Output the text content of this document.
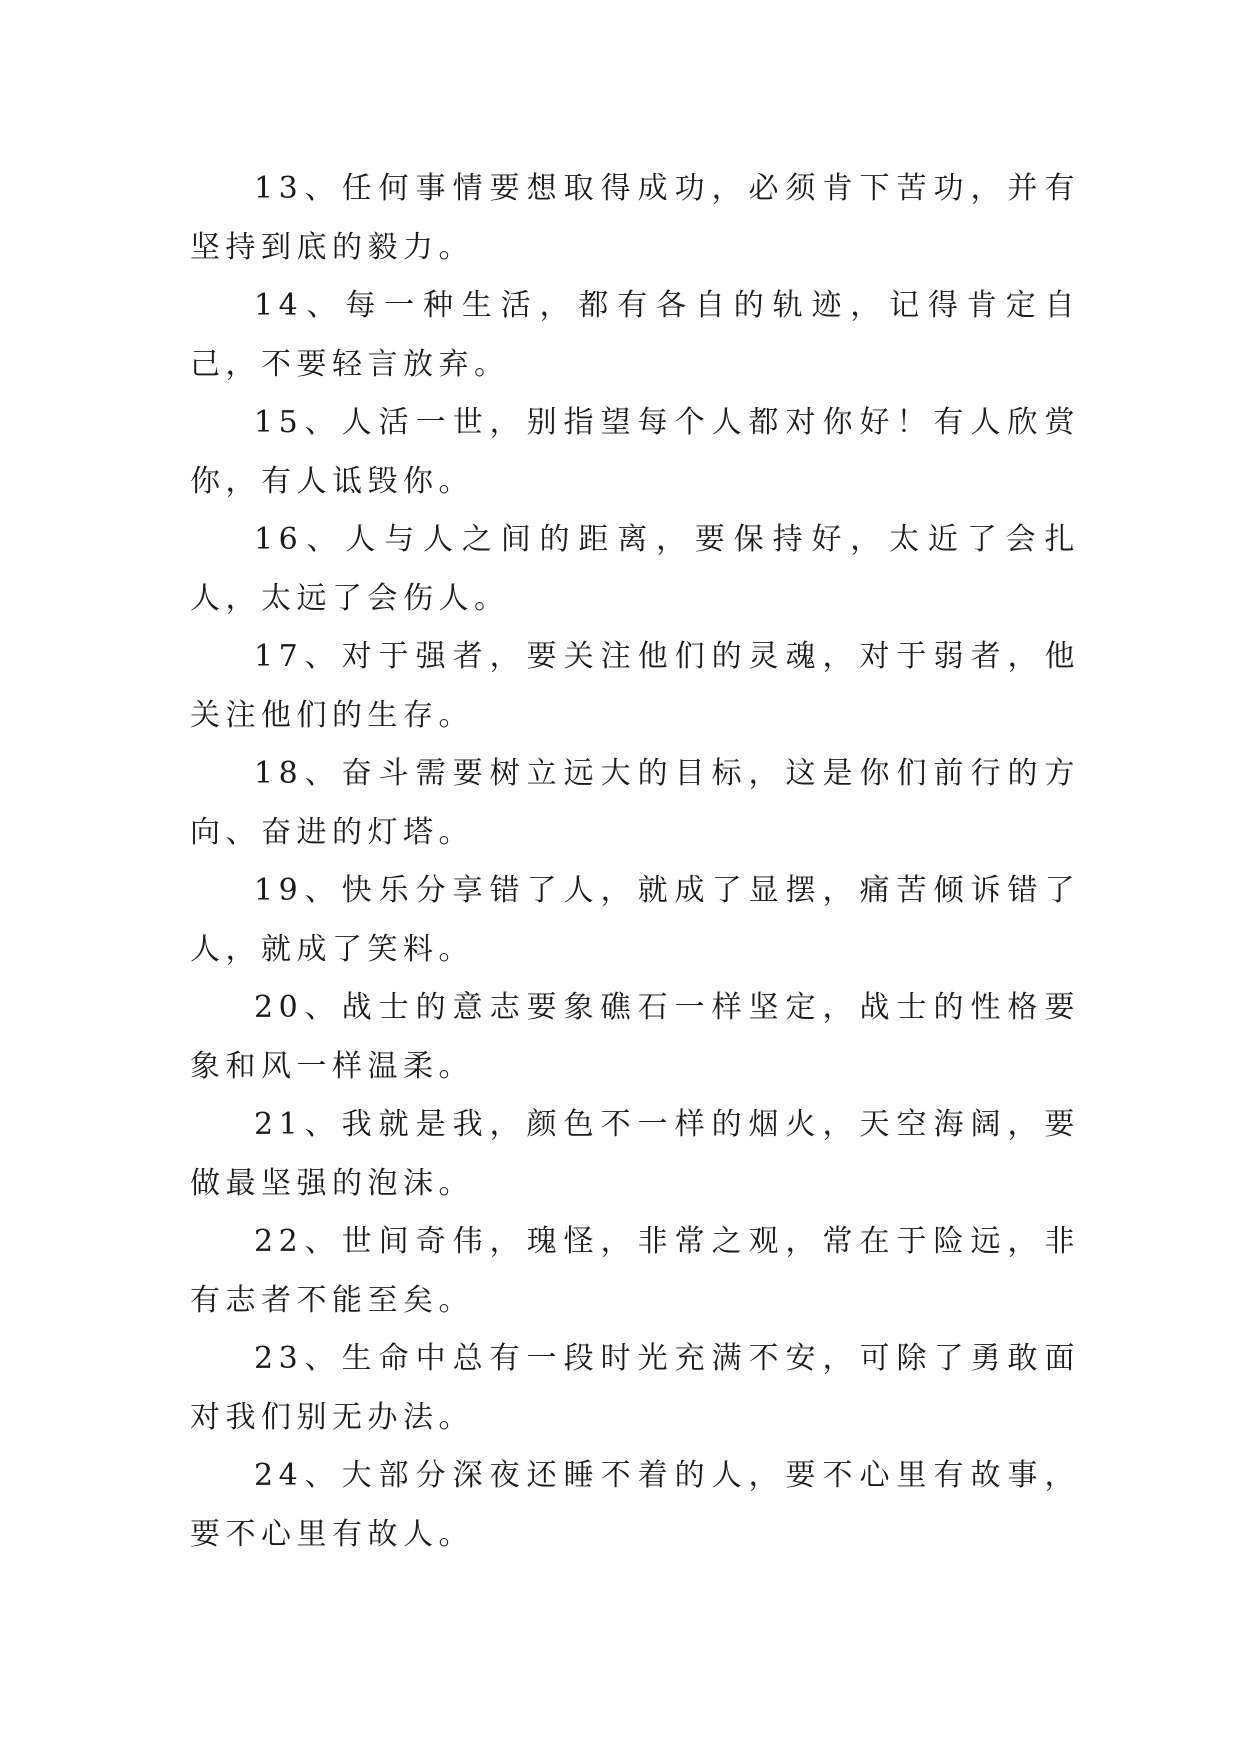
13、任何事情要想取得成功，必须肯下苦功，并有坚持到底的毅力。

14、每一种生活，都有各自的轨迹，记得肯定自己，不要轻言放弃。

15、人活一世，别指望每个人都对你好！有人欣赏你，有人诋毁你。

16、人与人之间的距离，要保持好，太近了会扎人，太远了会伤人。

17、对于强者，要关注他们的灵魂，对于弱者，他关注他们的生存。

18、奋斗需要树立远大的目标，这是你们前行的方向、奋进的灯塔。

19、快乐分享错了人，就成了显摆，痛苦倾诉错了人，就成了笑料。

20、战士的意志要象礁石一样坚定，战士的性格要象和风一样温柔。

21、我就是我，颜色不一样的烟火，天空海阔，要做最坚强的泡沫。

22、世间奇伟，瑰怪，非常之观，常在于险远，非有志者不能至矣。

23、生命中总有一段时光充满不安，可除了勇敢面对我们别无办法。

24、大部分深夜还睡不着的人，要不心里有故事，要不心里有故人。
